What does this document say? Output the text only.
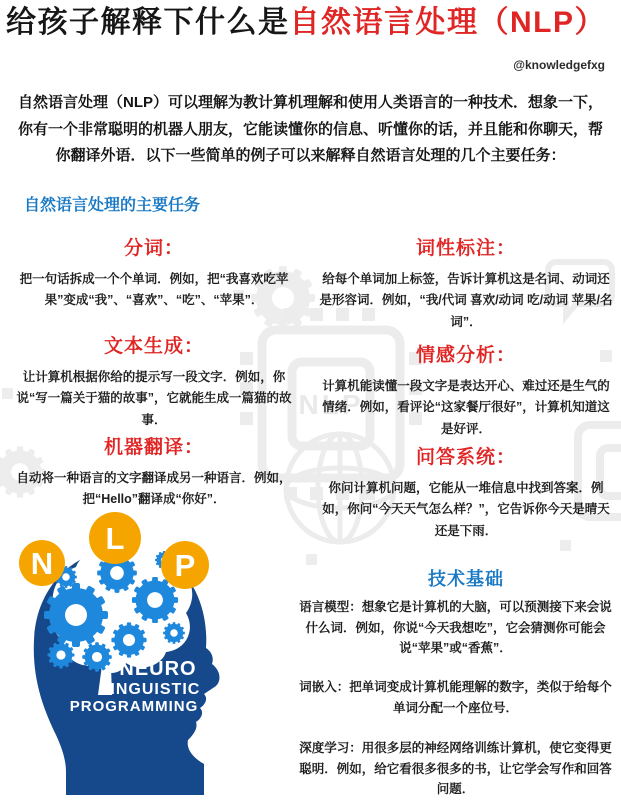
NLP
给孩子解释下什么是自然语言处理（NLP）
@knowledgefxg

自然语言处理（NLP）可以理解为教计算机理解和使用人类语言的一种技术．想象一下，你有一个非常聪明的机器人朋友，它能读懂你的信息、听懂你的话，并且能和你聊天，帮你翻译外语．以下一些简单的例子可以来解释自然语言处理的几个主要任务：

自然语言处理的主要任务
分词：

把一句话拆成一个个单词．例如，把“我喜欢吃苹果”变成“我”、“喜欢”、“吃”、“苹果”．

词性标注：

给每个单词加上标签，告诉计算机这是名词、动词还是形容词．例如，“我/代词 喜欢/动词 吃/动词 苹果/名词”．

文本生成：

让计算机根据你给的提示写一段文字．例如，你说“写一篇关于猫的故事”，它就能生成一篇猫的故事．

情感分析：

计算机能读懂一段文字是表达开心、难过还是生气的情绪．例如，看评论“这家餐厅很好”，计算机知道这是好评．

机器翻译：

自动将一种语言的文字翻译成另一种语言．例如，把“Hello”翻译成“你好”．

问答系统：

你问计算机问题，它能从一堆信息中找到答案．例如，你问“今天天气怎么样？”，它告诉你今天是晴天还是下雨．

技术基础

语言模型：想象它是计算机的大脑，可以预测接下来会说什么词．例如，你说“今天我想吃”，它会猜测你可能会说“苹果”或“香蕉”．

词嵌入：把单词变成计算机能理解的数字，类似于给每个单词分配一个座位号．

深度学习：用很多层的神经网络训练计算机，使它变得更聪明．例如，给它看很多很多的书，让它学会写作和回答问题．

N
L
P
NEURO
LINGUISTIC
PROGRAMMING
